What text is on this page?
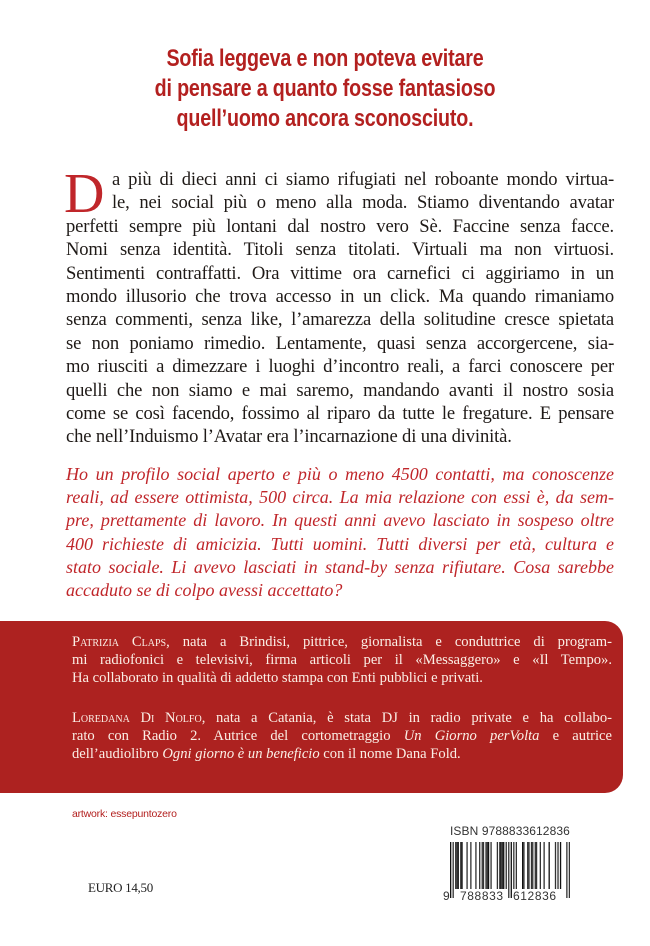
Sofia leggeva e non poteva evitare
di pensare a quanto fosse fantasioso
quell’uomo ancora sconosciuto.
D a più di dieci anni ci siamo rifugiati nel roboante mondo virtua-
le, nei social più o meno alla moda. Stiamo diventando avatar
perfetti sempre più lontani dal nostro vero Sè. Faccine senza facce.
Nomi senza identità. Titoli senza titolati. Virtuali ma non virtuosi.
Sentimenti contraffatti. Ora vittime ora carnefici ci aggiriamo in un
mondo illusorio che trova accesso in un click. Ma quando rimaniamo
senza commenti, senza like, l’amarezza della solitudine cresce spietata
se non poniamo rimedio. Lentamente, quasi senza accorgercene, sia-
mo riusciti a dimezzare i luoghi d’incontro reali, a farci conoscere per
quelli che non siamo e mai saremo, mandando avanti il nostro sosia
come se così facendo, fossimo al riparo da tutte le fregature. E pensare
che nell’Induismo l’Avatar era l’incarnazione di una divinità.
Ho un profilo social aperto e più o meno 4500 contatti, ma conoscenze
reali, ad essere ottimista, 500 circa. La mia relazione con essi è, da sem-
pre, prettamente di lavoro. In questi anni avevo lasciato in sospeso oltre
400 richieste di amicizia. Tutti uomini. Tutti diversi per età, cultura e
stato sociale. Li avevo lasciati in stand-by senza rifiutare. Cosa sarebbe
accaduto se di colpo avessi accettato?
Patrizia Claps, nata a Brindisi, pittrice, giornalista e conduttrice di program-
mi radiofonici e televisivi, firma articoli per il «Messaggero» e «Il Tempo».
Ha collaborato in qualità di addetto stampa con Enti pubblici e privati.
Loredana Di Nolfo, nata a Catania, è stata DJ in radio private e ha collabo-
rato con Radio 2. Autrice del cortometraggio Un Giorno perVolta e autrice
dell’audiolibro Ogni giorno è un beneficio con il nome Dana Fold.
artwork: essepuntozero
EURO 14,50
ISBN 9788833612836
9 788833 612836
